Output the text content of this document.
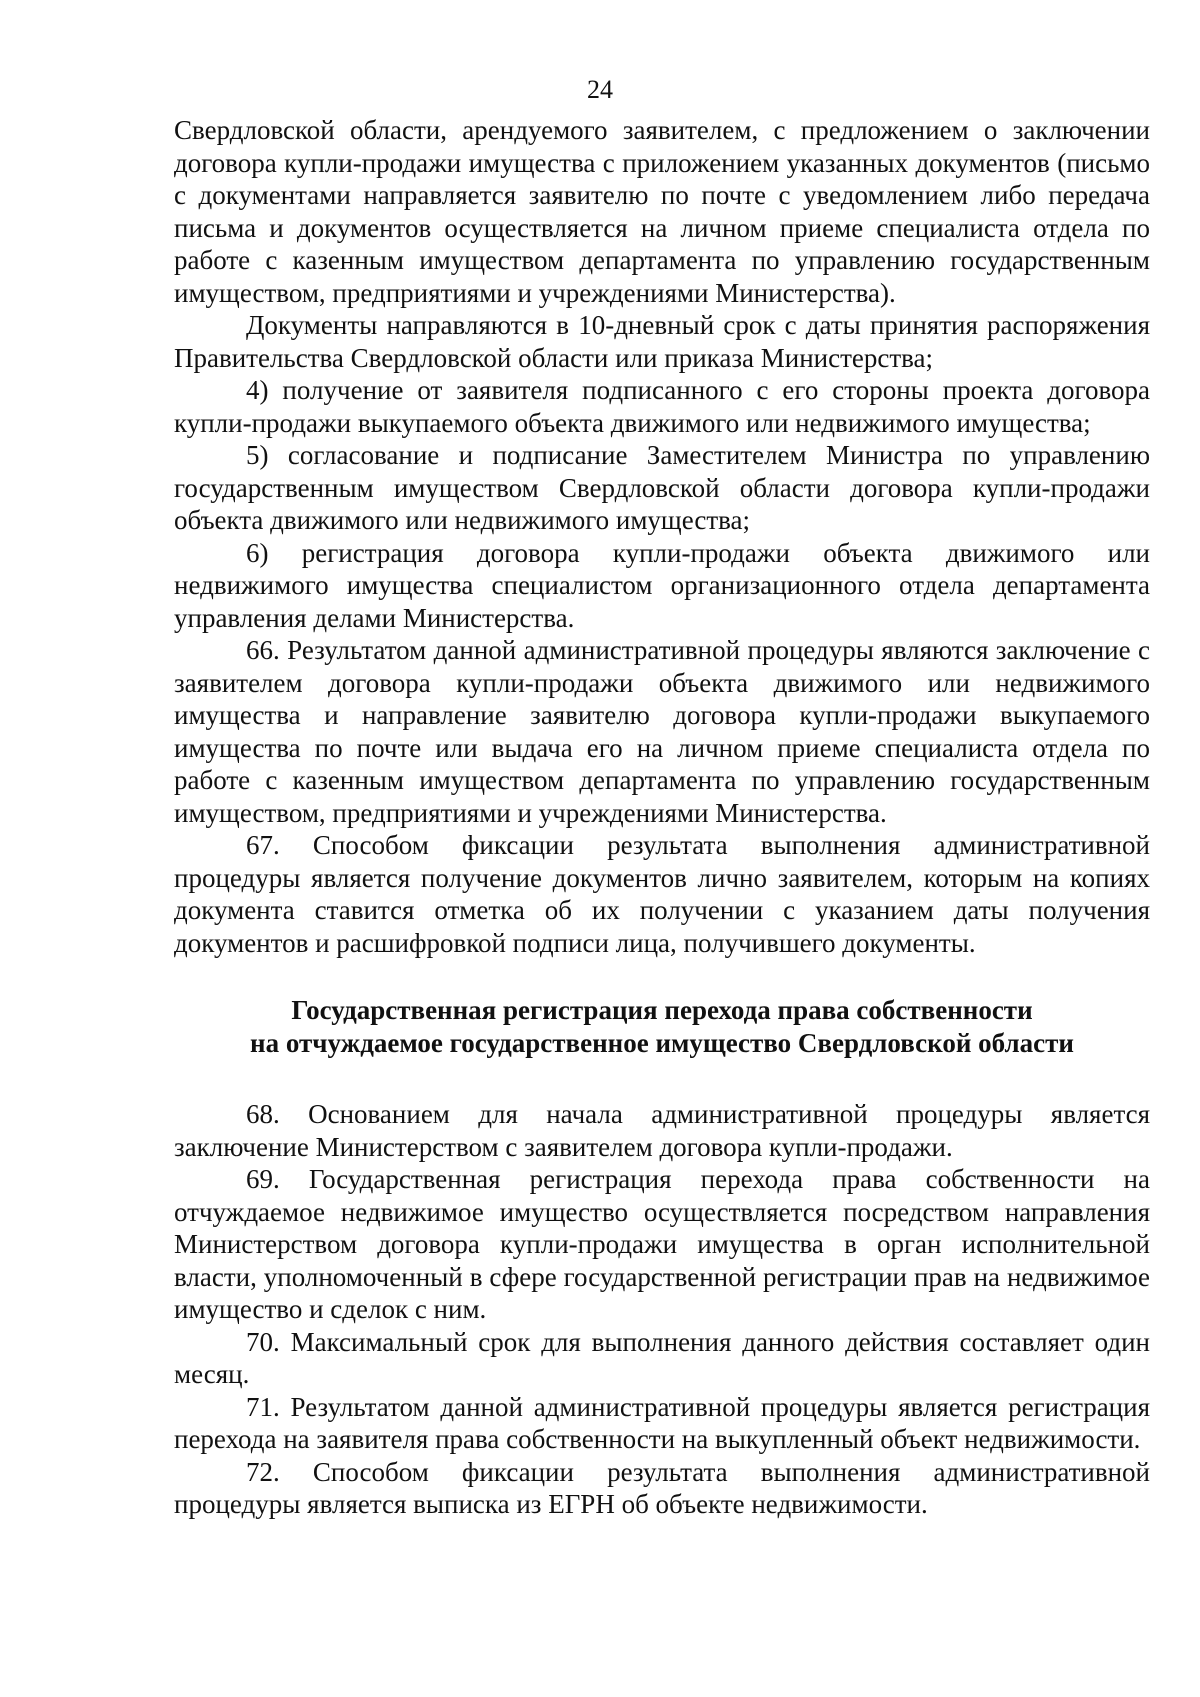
24

Свердловской области, арендуемого заявителем, с предложением о заключении договора купли-продажи имущества с приложением указанных документов (письмо с документами направляется заявителю по почте с уведомлением либо передача письма и документов осуществляется на личном приеме специалиста отдела по работе с казенным имуществом департамента по управлению государственным имуществом, предприятиями и учреждениями Министерства).

Документы направляются в 10-дневный срок с даты принятия распоряжения Правительства Свердловской области или приказа Министерства;

4) получение от заявителя подписанного с его стороны проекта договора купли-продажи выкупаемого объекта движимого или недвижимого имущества;

5) согласование и подписание Заместителем Министра по управлению государственным имуществом Свердловской области договора купли-продажи объекта движимого или недвижимого имущества;

6) регистрация договора купли-продажи объекта движимого или недвижимого имущества специалистом организационного отдела департамента управления делами Министерства.

66. Результатом данной административной процедуры являются заключение с заявителем договора купли-продажи объекта движимого или недвижимого имущества и направление заявителю договора купли-продажи выкупаемого имущества по почте или выдача его на личном приеме специалиста отдела по работе с казенным имуществом департамента по управлению государственным имуществом, предприятиями и учреждениями Министерства.

67. Способом фиксации результата выполнения административной процедуры является получение документов лично заявителем, которым на копиях документа ставится отметка об их получении с указанием даты получения документов и расшифровкой подписи лица, получившего документы.

Государственная регистрация перехода права собственности
на отчуждаемое государственное имущество Свердловской области

68. Основанием для начала административной процедуры является заключение Министерством с заявителем договора купли-продажи.

69. Государственная регистрация перехода права собственности на отчуждаемое недвижимое имущество осуществляется посредством направления Министерством договора купли-продажи имущества в орган исполнительной власти, уполномоченный в сфере государственной регистрации прав на недвижимое имущество и сделок с ним.

70. Максимальный срок для выполнения данного действия составляет один месяц.

71. Результатом данной административной процедуры является регистрация перехода на заявителя права собственности на выкупленный объект недвижимости.

72. Способом фиксации результата выполнения административной процедуры является выписка из ЕГРН об объекте недвижимости.
